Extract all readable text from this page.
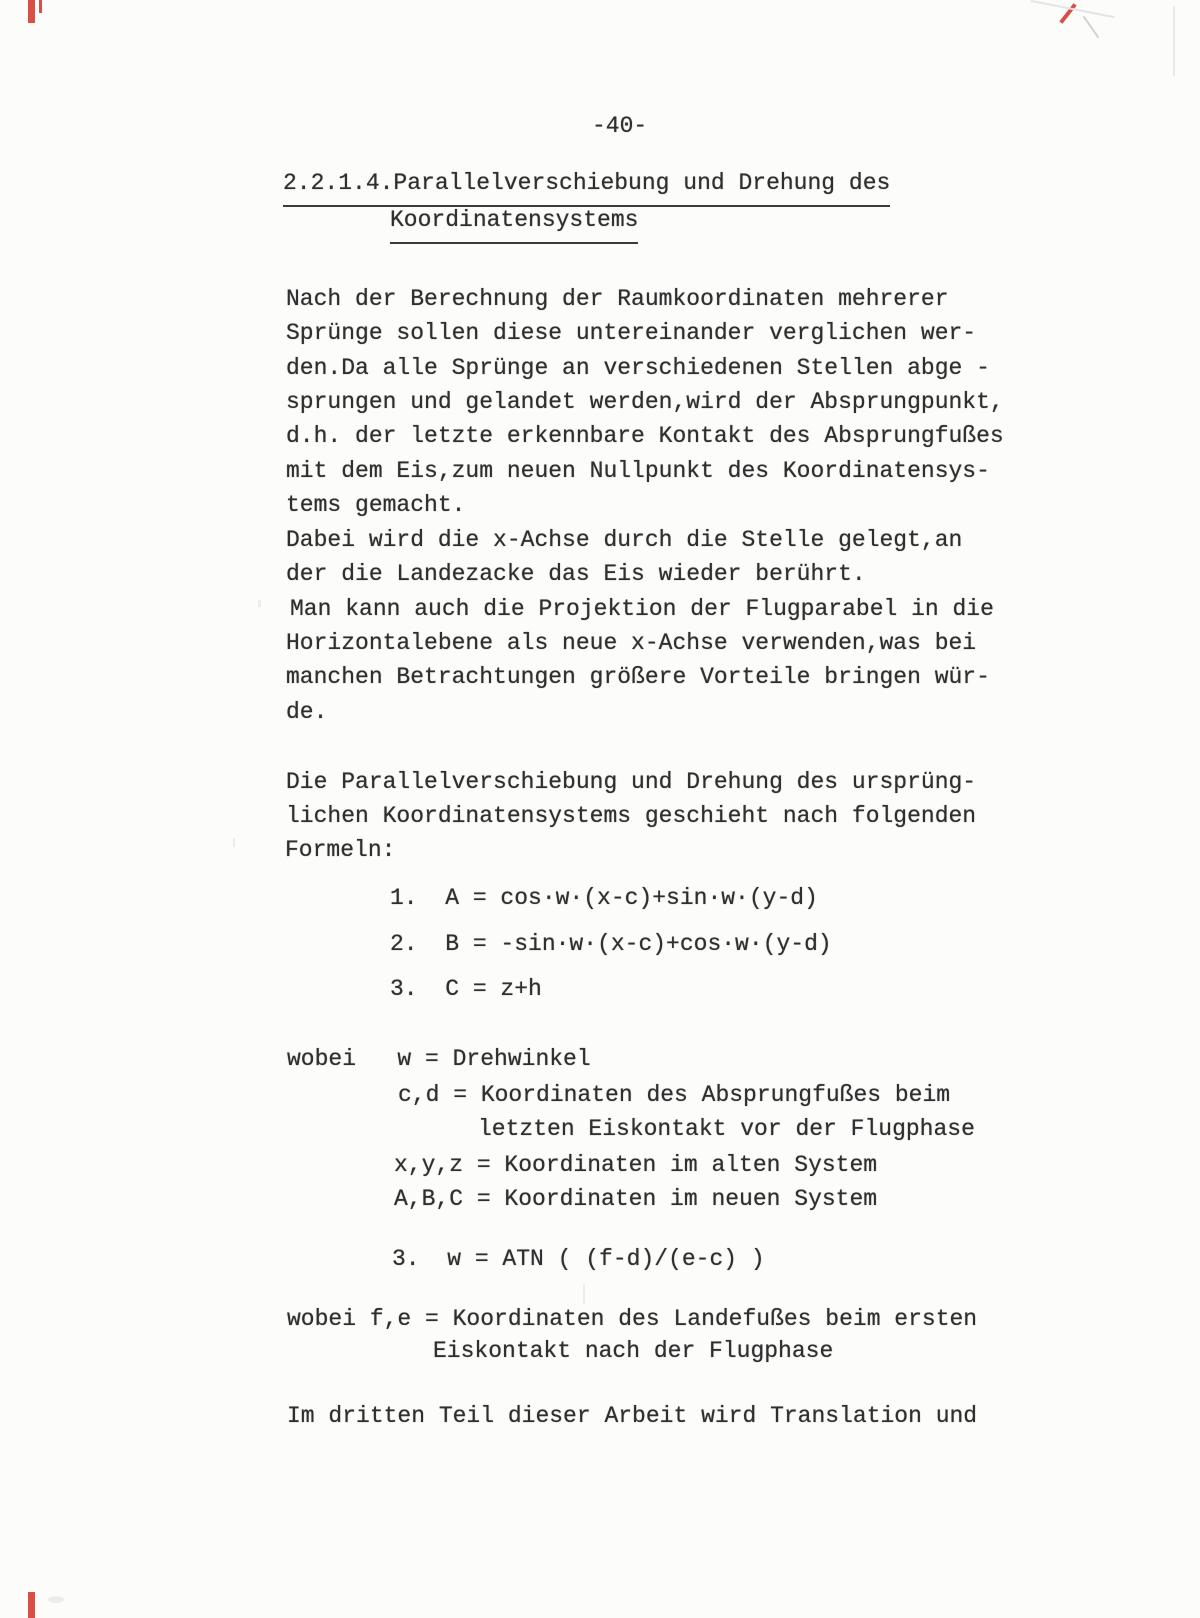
-40-
2.2.1.4.Parallelverschiebung und Drehung des
Koordinatensystems
Nach der Berechnung der Raumkoordinaten mehrerer
Sprünge sollen diese untereinander verglichen wer-
den.Da alle Sprünge an verschiedenen Stellen abge -
sprungen und gelandet werden,wird der Absprungpunkt,
d.h. der letzte erkennbare Kontakt des Absprungfußes
mit dem Eis,zum neuen Nullpunkt des Koordinatensys-
tems gemacht.
Dabei wird die x-Achse durch die Stelle gelegt,an
der die Landezacke das Eis wieder berührt.
Man kann auch die Projektion der Flugparabel in die
Horizontalebene als neue x-Achse verwenden,was bei
manchen Betrachtungen größere Vorteile bringen wür-
de.
Die Parallelverschiebung und Drehung des ursprüng-
lichen Koordinatensystems geschieht nach folgenden
Formeln:
1.  A = cos·w·(x-c)+sin·w·(y-d)
2.  B = -sin·w·(x-c)+cos·w·(y-d)
3.  C = z+h
wobei   w = Drehwinkel
c,d = Koordinaten des Absprungfußes beim
letzten Eiskontakt vor der Flugphase
x,y,z = Koordinaten im alten System
A,B,C = Koordinaten im neuen System
3.  w = ATN ( (f-d)/(e-c) )
wobei f,e = Koordinaten des Landefußes beim ersten
Eiskontakt nach der Flugphase
Im dritten Teil dieser Arbeit wird Translation und
